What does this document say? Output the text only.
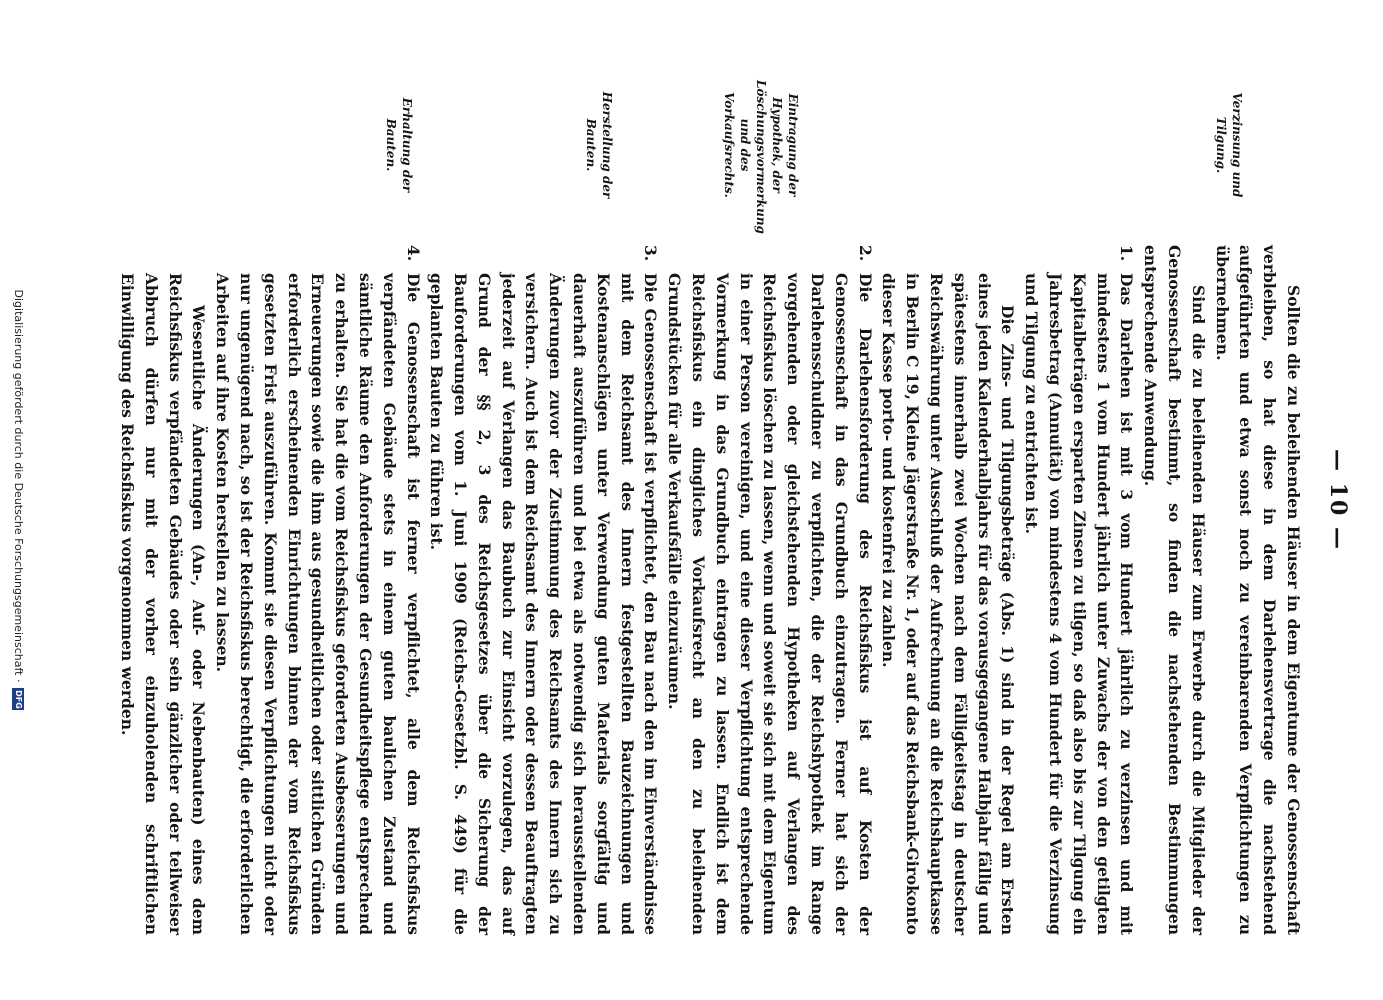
— 10 —

Sollten die zu beleihenden Häuser in dem Eigentume der Genossenschaft verbleiben, so hat diese in dem Darlehensvertrage die nachstehend aufgeführten und etwa sonst noch zu vereinbarenden Verpflichtungen zu übernehmen.

Sind die zu beleihenden Häuser zum Erwerbe durch die Mitglieder der Genossenschaft bestimmt, so finden die nachstehenden Bestimmungen entsprechende Anwendung.

1.Das Darlehen ist mit 3 vom Hundert jährlich zu verzinsen und mit mindestens 1 vom Hundert jährlich unter Zuwachs der von den getilgten Kapitalbeträgen ersparten Zinsen zu tilgen, so daß also bis zur Tilgung ein Jahresbetrag (Annuität) von mindestens 4 vom Hundert für die Verzinsung und Tilgung zu entrichten ist.

Die Zins- und Tilgungsbeträge (Abs. 1) sind in der Regel am Ersten eines jeden Kalenderhalbjahrs für das vorausgegangene Halbjahr fällig und spätestens innerhalb zwei Wochen nach dem Fälligkeitstag in deutscher Reichswährung unter Ausschluß der Aufrechnung an die Reichshauptkasse in Berlin C 19, Kleine Jägerstraße Nr. 1, oder auf das Reichsbank-Girokonto dieser Kasse porto- und kostenfrei zu zahlen.

2.Die Darlehensforderung des Reichsfiskus ist auf Kosten der Genossenschaft in das Grundbuch einzutragen. Ferner hat sich der Darlehensschuldner zu verpflichten, die der Reichshypothek im Range vorgehenden oder gleichstehenden Hypotheken auf Verlangen des Reichsfiskus löschen zu lassen, wenn und soweit sie sich mit dem Eigentum in einer Person vereinigen, und eine dieser Verpflichtung entsprechende Vormerkung in das Grundbuch eintragen zu lassen. Endlich ist dem Reichsfiskus ein dingliches Vorkaufsrecht an den zu beleihenden Grundstücken für alle Verkaufsfälle einzuräumen.

3.Die Genossenschaft ist verpflichtet, den Bau nach den im Einverständnisse mit dem Reichsamt des Innern festgestellten Bauzeichnungen und Kostenanschlägen unter Verwendung guten Materials sorgfältig und dauerhaft auszuführen und bei etwa als notwendig sich herausstellenden Änderungen zuvor der Zustimmung des Reichsamts des Innern sich zu versichern. Auch ist dem Reichsamt des Innern oder dessen Beauftragten jederzeit auf Verlangen das Baubuch zur Einsicht vorzulegen, das auf Grund der §§ 2, 3 des Reichsgesetzes über die Sicherung der Bauforderungen vom 1. Juni 1909 (Reichs-Gesetzbl. S. 449) für die geplanten Bauten zu führen ist.

4.Die Genossenschaft ist ferner verpflichtet, alle dem Reichsfiskus verpfändeten Gebäude stets in einem guten baulichen Zustand und sämtliche Räume den Anforderungen der Gesundheitspflege entsprechend zu erhalten. Sie hat die vom Reichsfiskus geforderten Ausbesserungen und Erneuerungen sowie die ihm aus gesundheitlichen oder sittlichen Gründen erforderlich erscheinenden Einrichtungen binnen der vom Reichsfiskus gesetzten Frist auszuführen. Kommt sie diesen Verpflichtungen nicht oder nur ungenügend nach, so ist der Reichsfiskus berechtigt, die erforderlichen Arbeiten auf ihre Kosten herstellen zu lassen.

Wesentliche Änderungen (An-, Auf- oder Nebenbauten) eines dem Reichsfiskus verpfändeten Gebäudes oder sein gänzlicher oder teilweiser Abbruch dürfen nur mit der vorher einzuholenden schriftlichen Einwilligung des Reichsfiskus vorgenommen werden.

Verzinsung und Tilgung.
Eintragung der Hypothek, der Löschungsvormerkung und des Vorkaufsrechts.
Herstellung der Bauten.
Erhaltung der Bauten.
Digitalisierung gefördert durch die Deutsche Forschungsgemeinschaft ·
DFG
